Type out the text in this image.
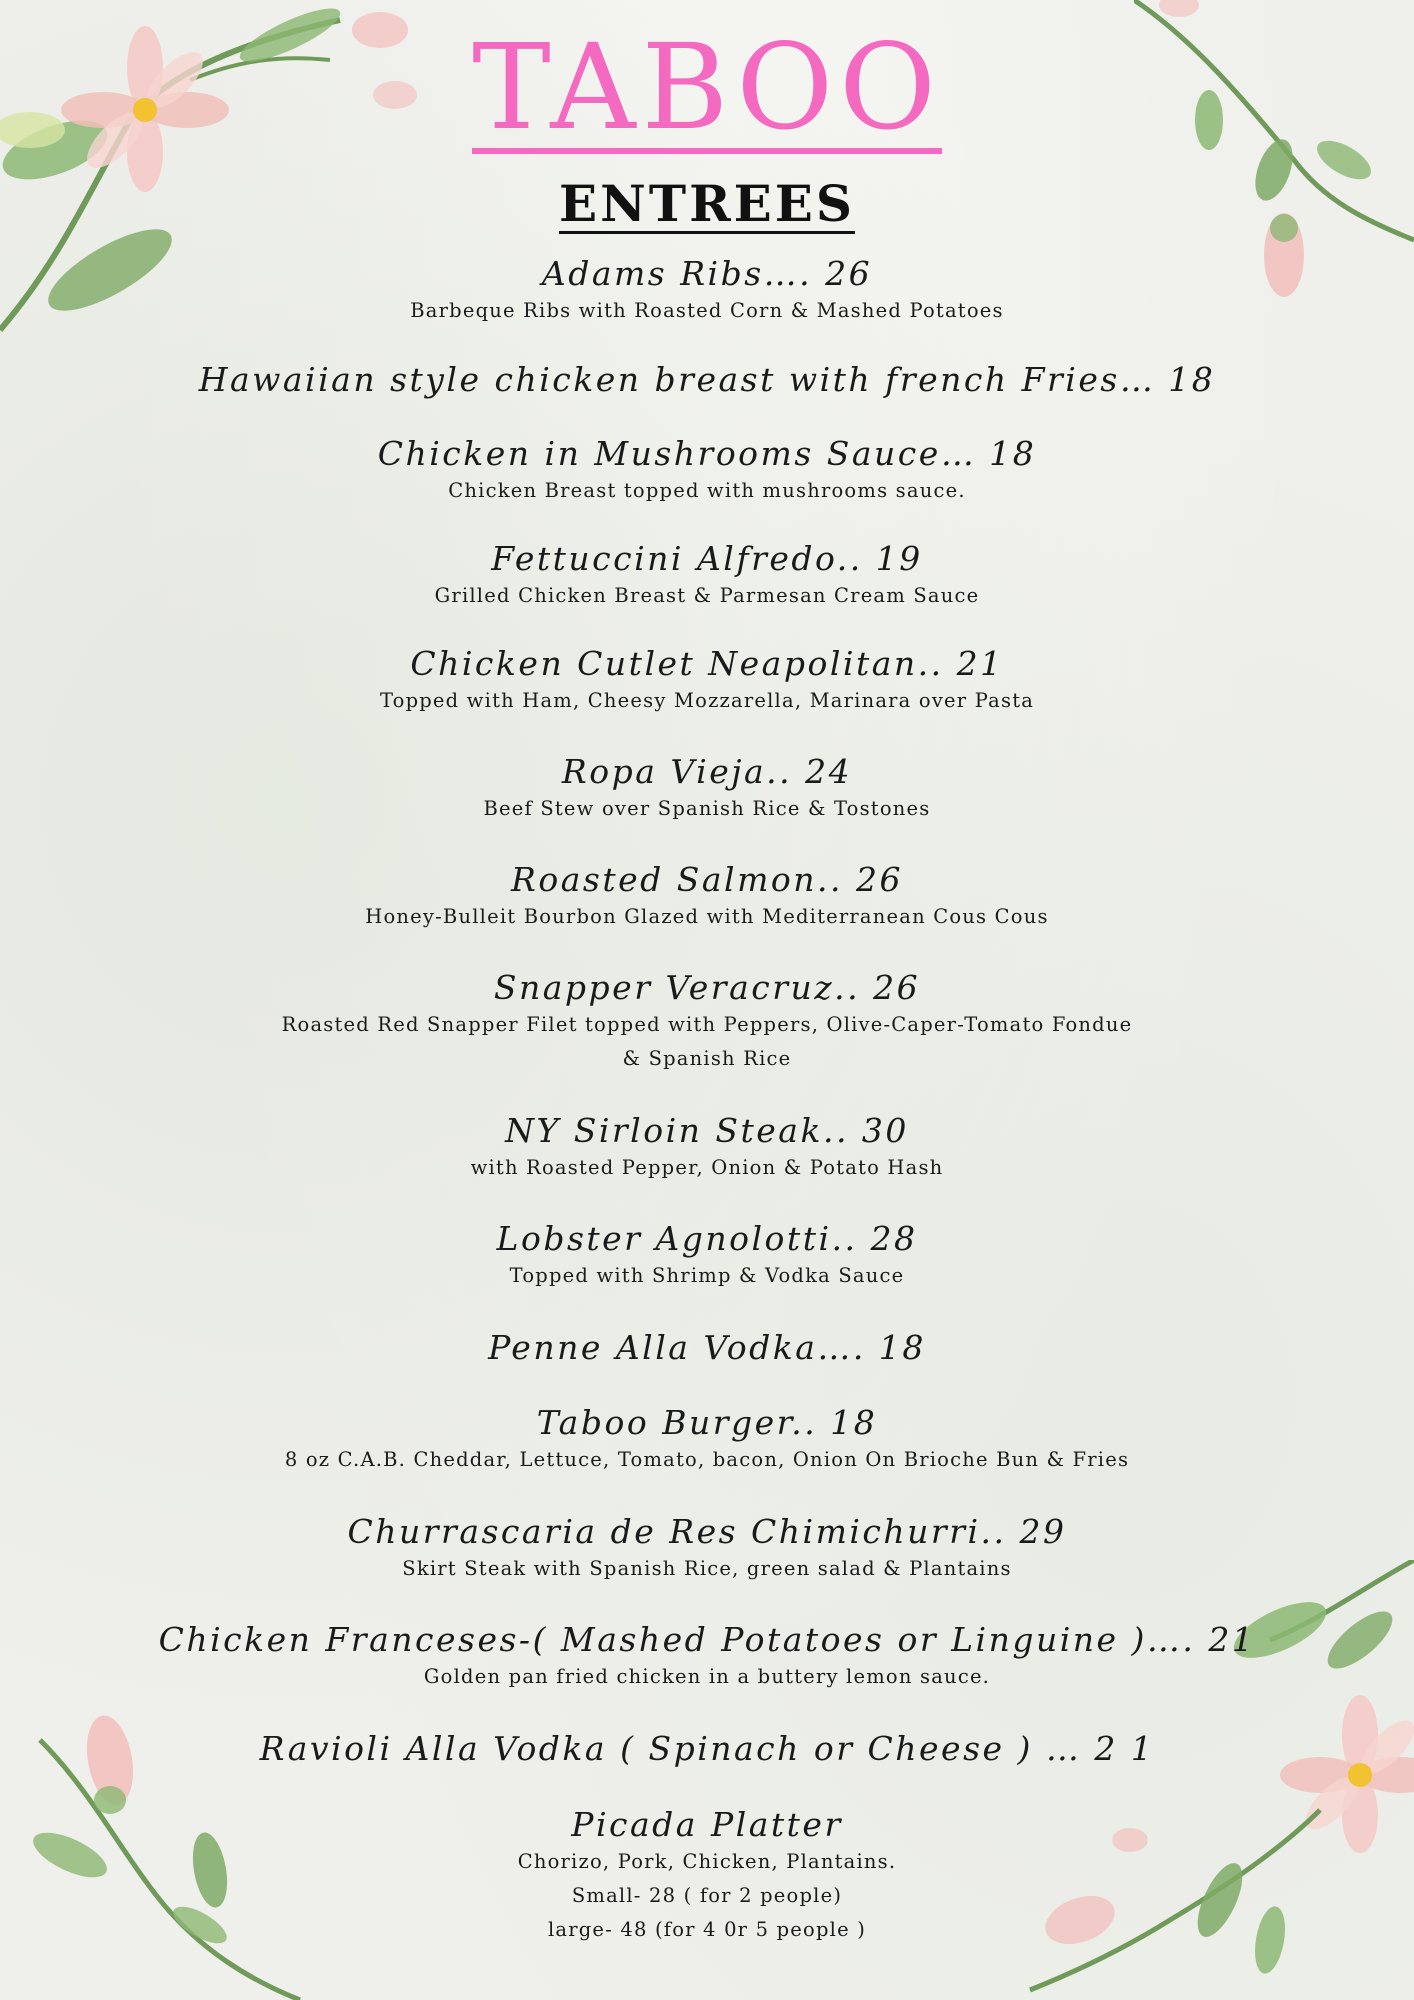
TABOO
ENTREES
Adams Ribs…. 26
Barbeque Ribs with Roasted Corn & Mashed Potatoes
Hawaiian style chicken breast with french Fries… 18
Chicken in Mushrooms Sauce… 18
Chicken Breast topped with mushrooms sauce.
Fettuccini Alfredo.. 19
Grilled Chicken Breast & Parmesan Cream Sauce
Chicken Cutlet Neapolitan.. 21
Topped with Ham, Cheesy Mozzarella, Marinara over Pasta
Ropa Vieja.. 24
Beef Stew over Spanish Rice & Tostones
Roasted Salmon.. 26
Honey-Bulleit Bourbon Glazed with Mediterranean Cous Cous
Snapper Veracruz.. 26
Roasted Red Snapper Filet topped with Peppers, Olive-Caper-Tomato Fondue
& Spanish Rice
NY Sirloin Steak.. 30
with Roasted Pepper, Onion & Potato Hash
Lobster Agnolotti.. 28
Topped with Shrimp & Vodka Sauce
Penne Alla Vodka…. 18
Taboo Burger.. 18
8 oz C.A.B. Cheddar, Lettuce, Tomato, bacon, Onion On Brioche Bun & Fries
Churrascaria de Res Chimichurri.. 29
Skirt Steak with Spanish Rice, green salad & Plantains
Chicken Franceses-( Mashed Potatoes or Linguine )…. 21
Golden pan fried chicken in a buttery lemon sauce.
Ravioli Alla Vodka ( Spinach or Cheese ) … 2 1
Picada Platter
Chorizo, Pork, Chicken, Plantains.
Small- 28 ( for 2 people)
large- 48 (for 4 0r 5 people )
